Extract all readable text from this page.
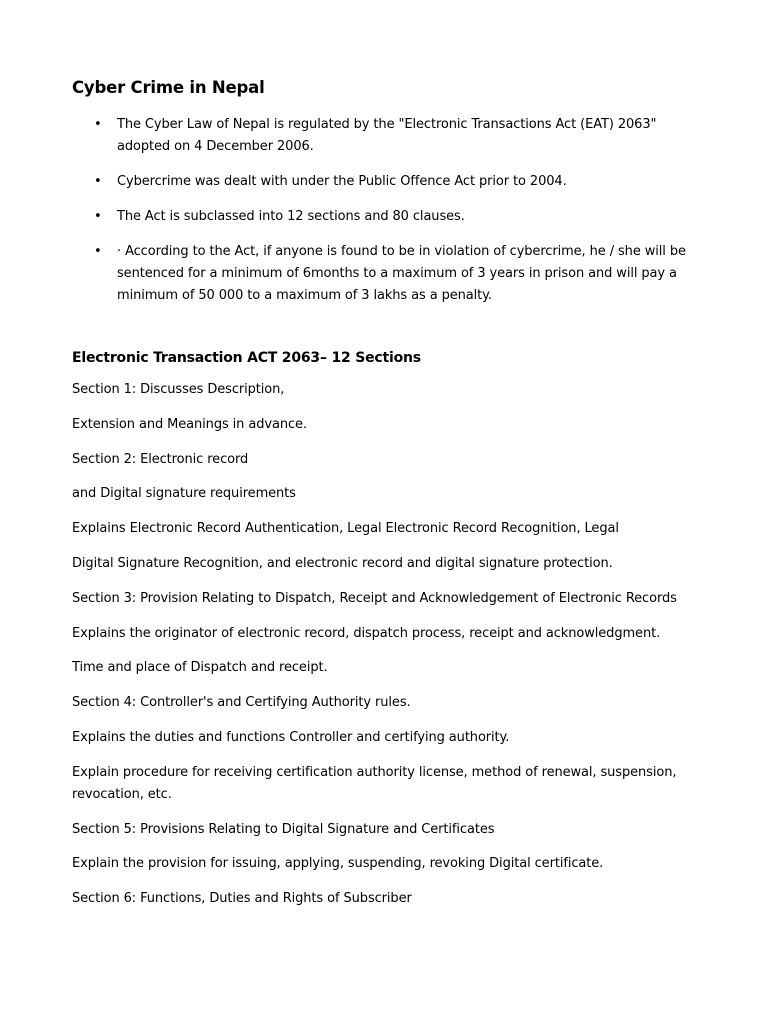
Cyber Crime in Nepal
• The Cyber Law of Nepal is regulated by the "Electronic Transactions Act (EAT) 2063" adopted on 4 December 2006.
• Cybercrime was dealt with under the Public Offence Act prior to 2004.
• The Act is subclassed into 12 sections and 80 clauses.
• · According to the Act, if anyone is found to be in violation of cybercrime, he / she will be sentenced for a minimum of 6months to a maximum of 3 years in prison and will pay a minimum of 50 000 to a maximum of 3 lakhs as a penalty.
Electronic Transaction ACT 2063– 12 Sections

Section 1: Discusses Description,

Extension and Meanings in advance.

Section 2: Electronic record

and Digital signature requirements

Explains Electronic Record Authentication, Legal Electronic Record Recognition, Legal

Digital Signature Recognition, and electronic record and digital signature protection.

Section 3: Provision Relating to Dispatch, Receipt and Acknowledgement of Electronic Records

Explains the originator of electronic record, dispatch process, receipt and acknowledgment.

Time and place of Dispatch and receipt.

Section 4: Controller's and Certifying Authority rules.

Explains the duties and functions Controller and certifying authority.

Explain procedure for receiving certification authority license, method of renewal, suspension, revocation, etc.

Section 5: Provisions Relating to Digital Signature and Certificates

Explain the provision for issuing, applying, suspending, revoking Digital certificate.

Section 6: Functions, Duties and Rights of Subscriber
